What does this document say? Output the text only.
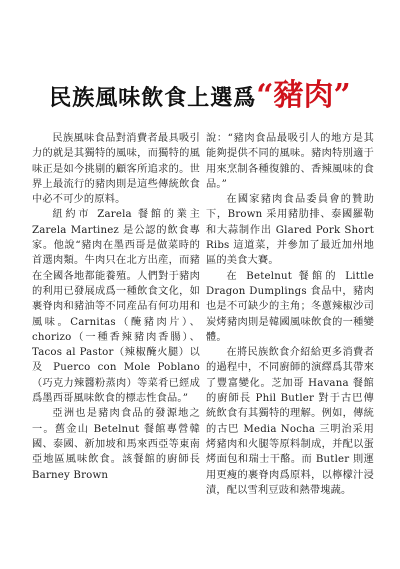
民族風味飲食上選爲“豬肉”

民族風味食品對消費者最具吸引力的就是其獨特的風味，而獨特的風味正是如今挑剔的顧客所追求的。世界上最流行的豬肉則是這些傳統飲食中必不可少的原料。

紐約市 Zarela 餐館的業主 Zarela Martinez 是公認的飲食專家。他說“豬肉在墨西哥是做菜時的首選肉類。牛肉只在北方出産，而豬在全國各地都能養殖。人們對于豬肉的利用已發展成爲一種飲食文化，如裹脊肉和豬油等不同産品有何功用和風味。Carnitas（醃豬肉片）、chorizo（一種香辣豬肉香腸）、Tacos al Pastor（辣椒醃火腿）以及 Puerco con Mole Poblano（巧克力辣醬粉蒸肉）等菜肴已經成爲墨西哥風味飲食的標志性食品。”

亞洲也是豬肉食品的發源地之一。舊金山 Betelnut 餐館專營韓國、泰國、新加坡和馬來西亞等東南亞地區風味飲食。該餐館的廚師長 Barney Brown

說：“豬肉食品最吸引人的地方是其能夠提供不同的風味。豬肉特別適于用來烹制各種復雜的、香辣風味的食品。”

在國家豬肉食品委員會的贊助下，Brown 采用豬肋排、泰國羅勒和大蒜制作出 Glared Pork Short Ribs 這道菜，并參加了最近加州地區的美食大賽。

在 Betelnut 餐館的 Little Dragon Dumplings 食品中，豬肉也是不可缺少的主角；冬蔥辣椒沙司炭烤豬肉則是韓國風味飲食的一種變體。

在將民族飲食介紹給更多消費者的過程中，不同廚師的演繹爲其帶來了豐富變化。芝加哥 Havana 餐館的廚師長 Phil Butler 對于古巴傳統飲食有其獨特的理解。例如，傳統的古巴 Media Nocha 三明治采用烤豬肉和火腿等原料制成，并配以蛋烤面包和瑞士干酪。而 Butler 則運用更瘦的裹脊肉爲原料，以檸檬汁浸漬，配以雪利豆豉和熱帶塊蔬。
